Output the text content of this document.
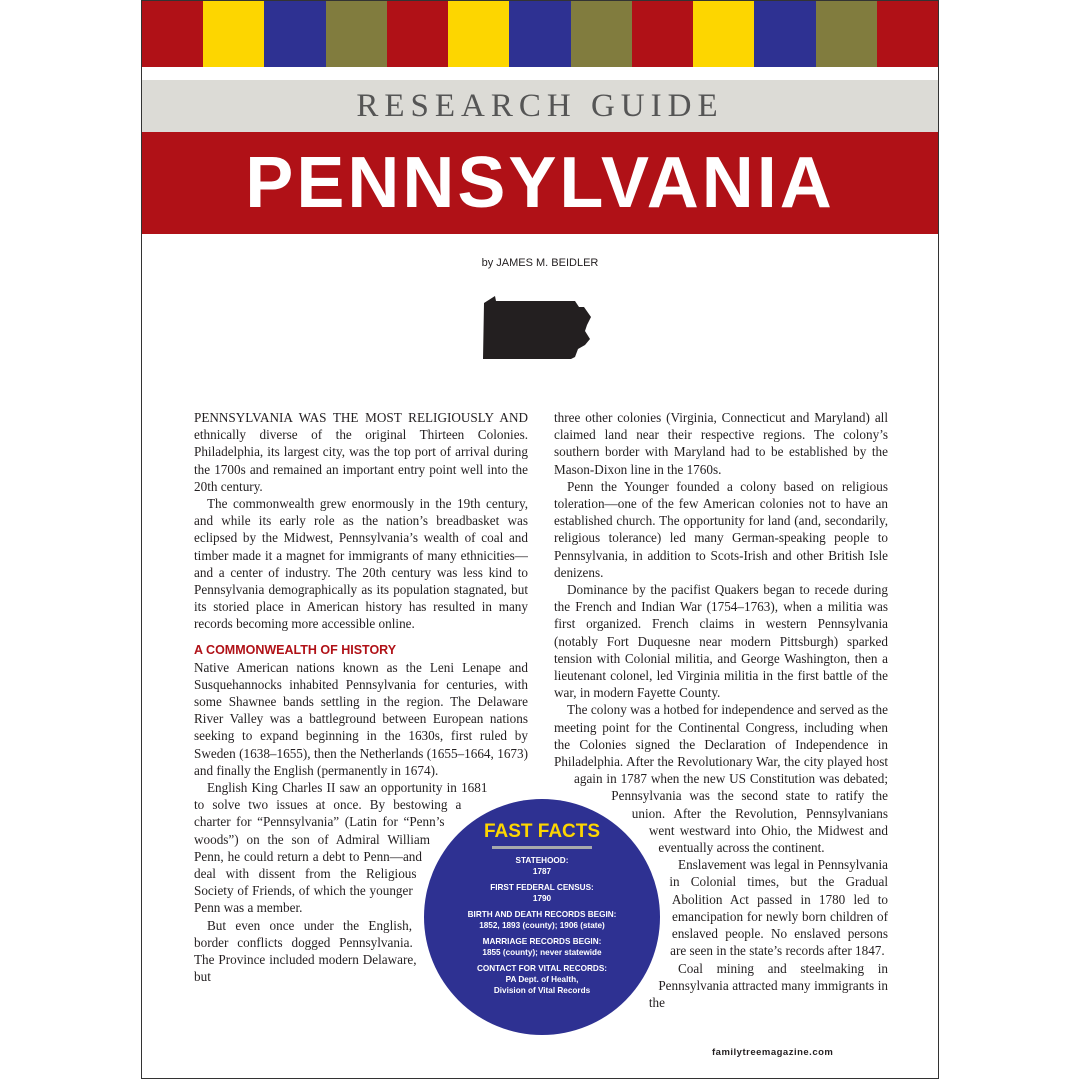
RESEARCH GUIDE
PENNSYLVANIA
by JAMES M. BEIDLER

PENNSYLVANIA WAS THE MOST RELIGIOUSLY AND ethnically diverse of the original Thirteen Colonies. Philadelphia, its largest city, was the top port of arrival during the 1700s and remained an important entry point well into the 20th century.

The commonwealth grew enormously in the 19th century, and while its early role as the nation’s breadbasket was eclipsed by the Midwest, Pennsylvania’s wealth of coal and timber made it a magnet for immigrants of many ethnicities—and a center of industry. The 20th century was less kind to Pennsylvania demographically as its population stagnated, but its storied place in American history has resulted in many records becoming more accessible online.

A COMMONWEALTH OF HISTORY

Native American nations known as the Leni Lenape and Susquehannocks inhabited Pennsylvania for centuries, with some Shawnee bands settling in the region. The Delaware River Valley was a battleground between European nations seeking to expand beginning in the 1630s, first ruled by Sweden (1638–1655), then the Netherlands (1655–1664, 1673) and finally the English (permanently in 1674).

English King Charles II saw an opportunity in 1681 to solve two issues at once. By bestowing a charter for “Pennsylvania” (Latin for “Penn’s woods”) on the son of Admiral William Penn, he could return a debt to Penn—and deal with dissent from the Religious Society of Friends, of which the younger Penn was a member.

But even once under the English, border conflicts dogged Pennsylvania. The Province included modern Delaware, but

three other colonies (Virginia, Connecticut and Maryland) all claimed land near their respective regions. The colony’s southern border with Maryland had to be established by the Mason-Dixon line in the 1760s.

Penn the Younger founded a colony based on religious toleration—one of the few American colonies not to have an established church. The opportunity for land (and, secondarily, religious tolerance) led many German-speaking people to Pennsylvania, in addition to Scots-Irish and other British Isle denizens.

Dominance by the pacifist Quakers began to recede during the French and Indian War (1754–1763), when a militia was first organized. French claims in western Pennsylvania (notably Fort Duquesne near modern Pittsburgh) sparked tension with Colonial militia, and George Washington, then a lieutenant colonel, led Virginia militia in the first battle of the war, in modern Fayette County.

The colony was a hotbed for independence and served as the meeting point for the Continental Congress, including when the Colonies signed the Declaration of Independence in Philadelphia. After the Revolutionary War, the city played host again in 1787 when the new US Constitution was debated; Pennsylvania was the second state to ratify the union. After the Revolution, Pennsylvanians went westward into Ohio, the Midwest and eventually across the continent.

Enslavement was legal in Pennsylvania in Colonial times, but the Gradual Abolition Act passed in 1780 led to emancipation for newly born children of enslaved people. No enslaved persons are seen in the state’s records after 1847.

Coal mining and steelmaking in Pennsylvania attracted many immigrants in the

FAST FACTS
STATEHOOD:
1787
FIRST FEDERAL CENSUS:
1790
BIRTH AND DEATH RECORDS BEGIN:
1852, 1893 (county); 1906 (state)
MARRIAGE RECORDS BEGIN:
1855 (county); never statewide
CONTACT FOR VITAL RECORDS:
PA Dept. of Health,
Division of Vital Records
familytreemagazine.com
